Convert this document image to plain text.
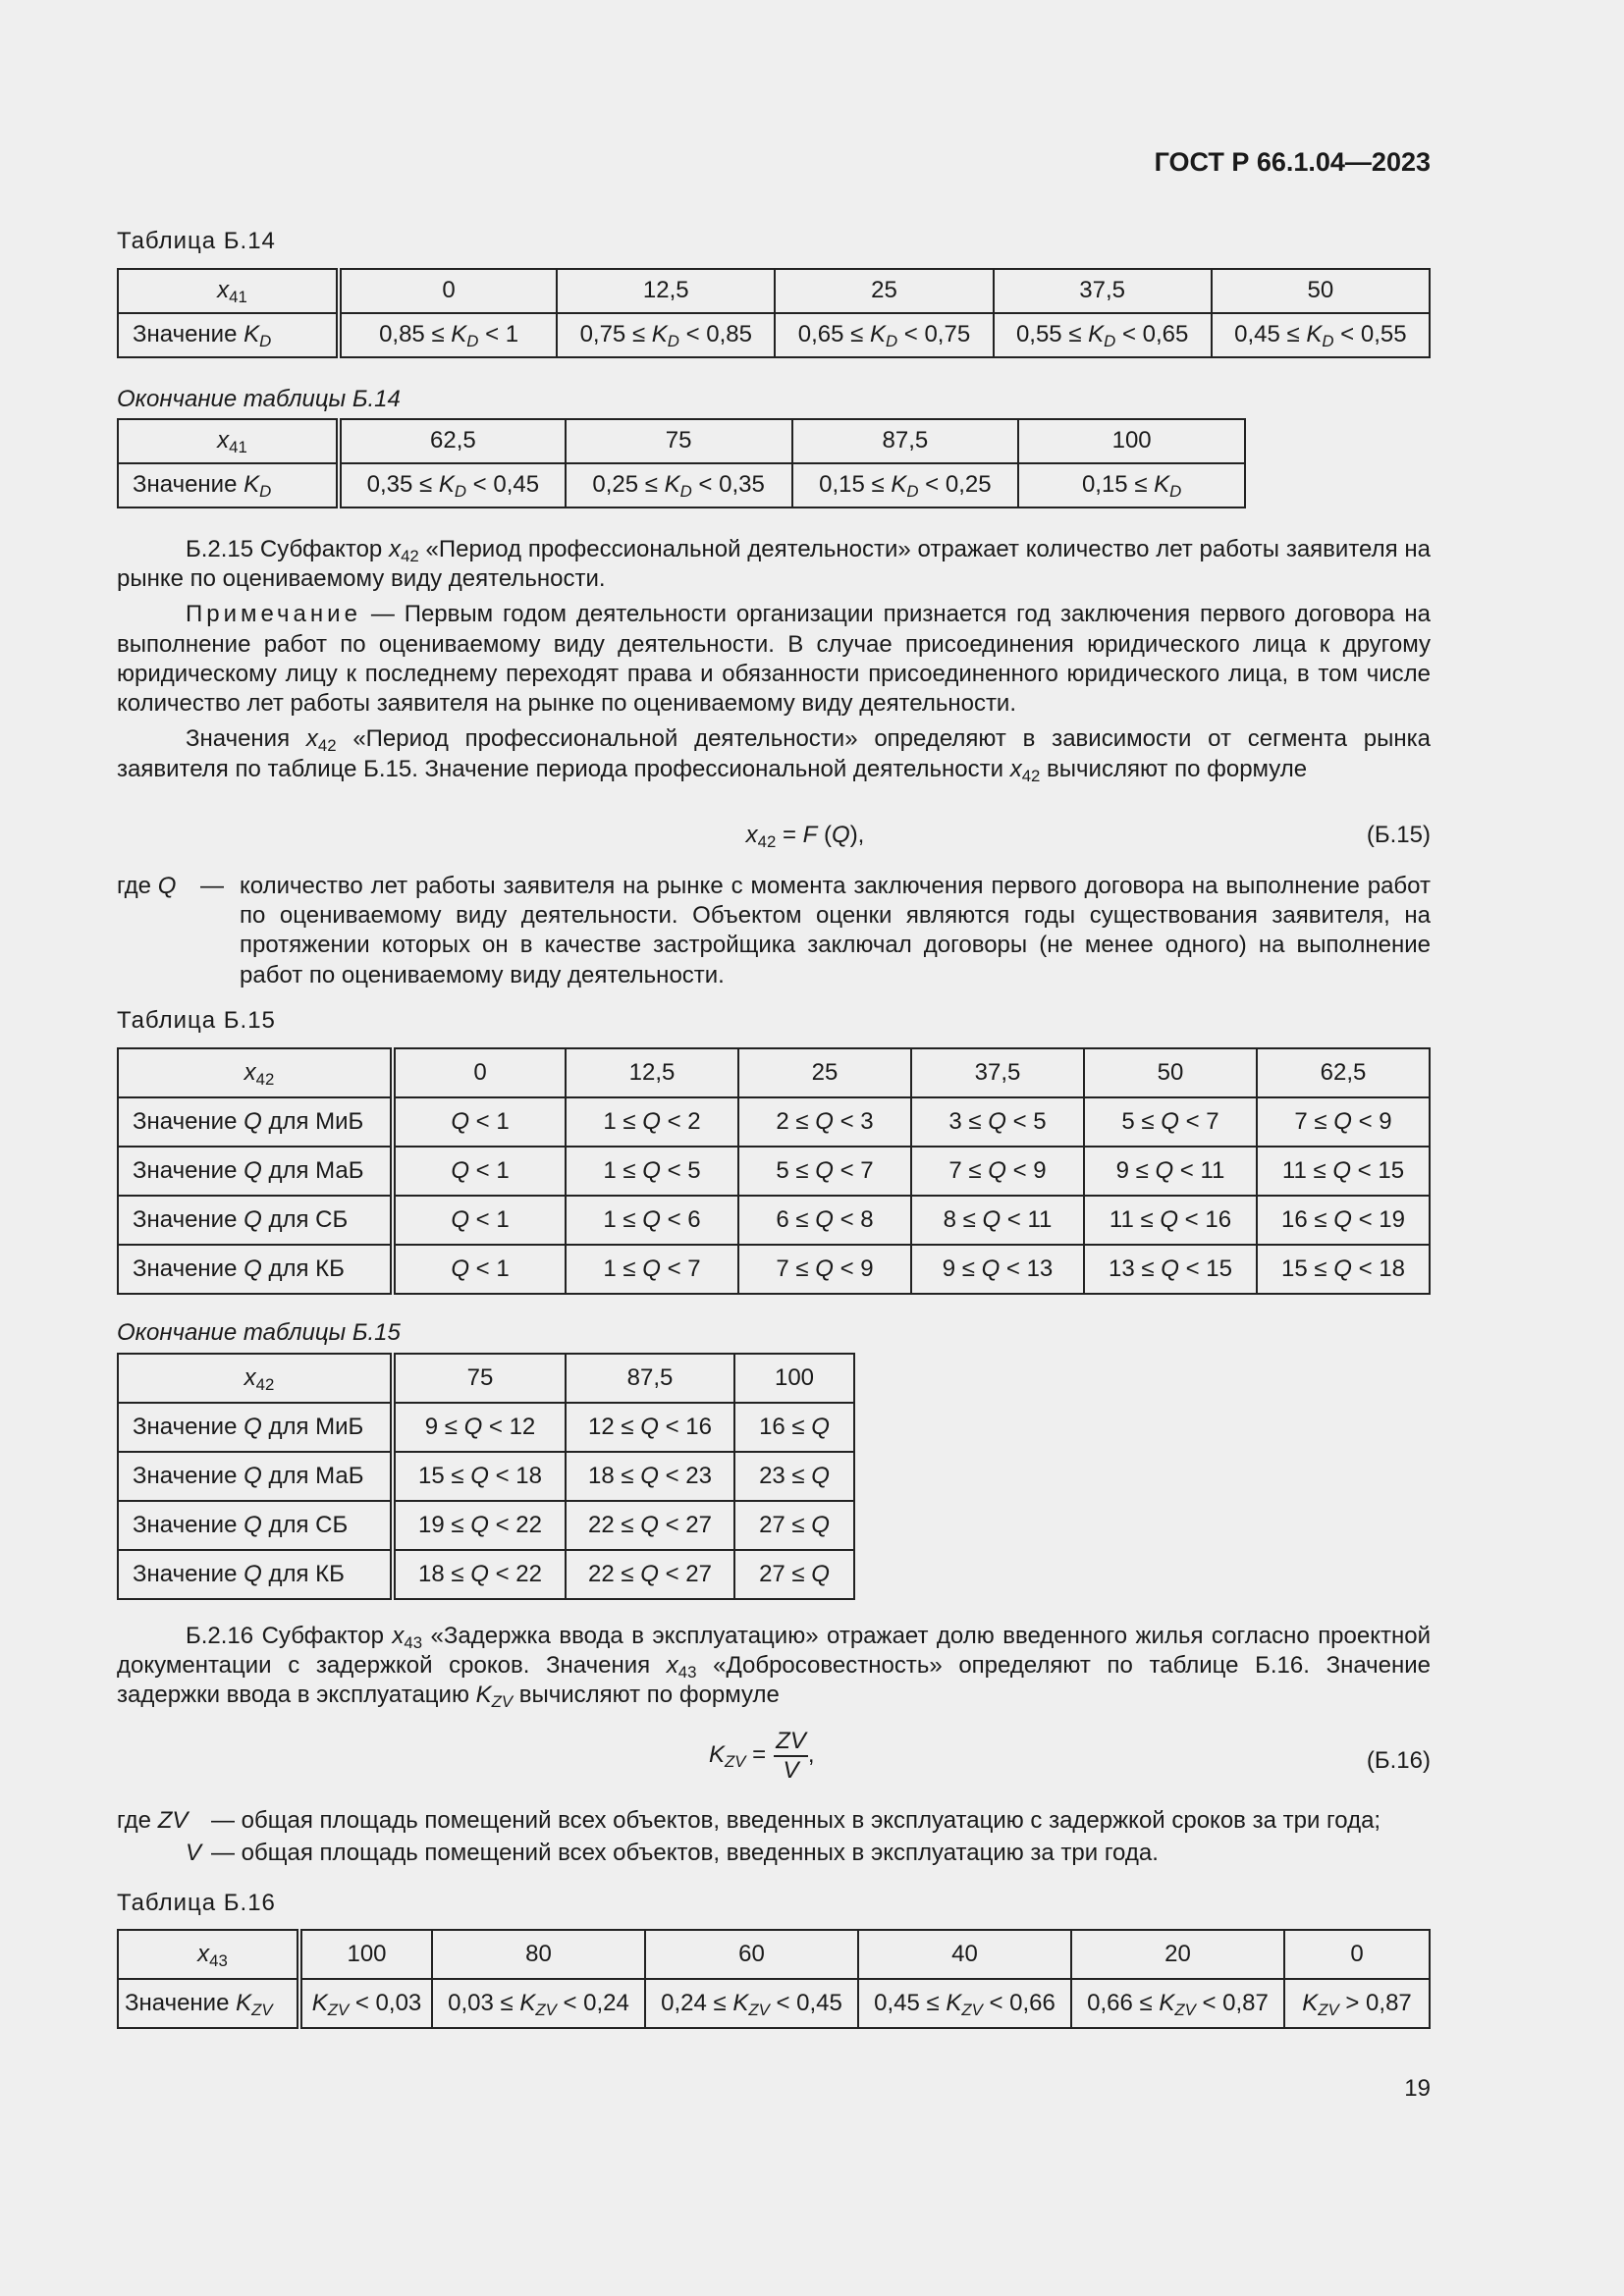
ГОСТ Р 66.1.04—2023
Таблица Б.14
$x_{41}$	0	12,5	25	37,5	50
Значение $K_D$	$0,85 \le K_D < 1$	$0,75 \le K_D < 0,85$	$0,65 \le K_D < 0,75$	$0,55 \le K_D < 0,65$	$0,45 \le K_D < 0,55$
Окончание таблицы Б.14
$x_{41}$	62,5	75	87,5	100
Значение $K_D$	$0,35 \le K_D < 0,45$	$0,25 \le K_D < 0,35$	$0,15 \le K_D < 0,25$	$0,15 \le K_D$

Б.2.15 Субфактор $x_{42}$ «Период профессиональной деятельности» отражает количество лет работы заявителя на рынке по оцениваемому виду деятельности.

Примечание — Первым годом деятельности организации признается год заключения первого договора на выполнение работ по оцениваемому виду деятельности. В случае присоединения юридического лица к другому юридическому лицу к последнему переходят права и обязанности присоединенного юридического лица, в том числе количество лет работы заявителя на рынке по оцениваемому виду деятельности.

Значения $x_{42}$ «Период профессиональной деятельности» определяют в зависимости от сегмента рынка заявителя по таблице Б.15. Значение периода профессиональной деятельности $x_{42}$ вычисляют по формуле

$x_{42} = F$ (Q),	(Б.15)
где Q	— количество лет работы заявителя на рынке с момента заключения первого договора на выполнение работ по оцениваемому виду деятельности. Объектом оценки являются годы существования заявителя, на протяжении которых он в качестве застройщика заключал договоры (не менее одного) на выполнение работ по оцениваемому виду деятельности.
Таблица Б.15
$x_{42}$	0	12,5	25	37,5	50	62,5
Значение Q для МиБ	Q < 1	1 ≤ Q < 2	2 ≤ Q < 3	3 ≤ Q < 5	5 ≤ Q < 7	7 ≤ Q < 9
Значение Q для МаБ	Q < 1	1 ≤ Q < 5	5 ≤ Q < 7	7 ≤ Q < 9	9 ≤ Q < 11	11 ≤ Q < 15
Значение Q для СБ	Q < 1	1 ≤ Q < 6	6 ≤ Q < 8	8 ≤ Q < 11	11 ≤ Q < 16	16 ≤ Q < 19
Значение Q для КБ	Q < 1	1 ≤ Q < 7	7 ≤ Q < 9	9 ≤ Q < 13	13 ≤ Q < 15	15 ≤ Q < 18
Окончание таблицы Б.15
$x_{42}$	75	87,5	100
Значение Q для МиБ	9 ≤ Q < 12	12 ≤ Q < 16	16 ≤ Q
Значение Q для МаБ	15 ≤ Q < 18	18 ≤ Q < 23	23 ≤ Q
Значение Q для СБ	19 ≤ Q < 22	22 ≤ Q < 27	27 ≤ Q
Значение Q для КБ	18 ≤ Q < 22	22 ≤ Q < 27	27 ≤ Q

Б.2.16 Субфактор $x_{43}$ «Задержка ввода в эксплуатацию» отражает долю введенного жилья согласно проектной документации с задержкой сроков. Значения $x_{43}$ «Добросовестность» определяют по таблице Б.16. Значение задержки ввода в эксплуатацию $K_{ZV}$ вычисляют по формуле

$K_{ZV} = \frac{ZV}{V}$ ,	(Б.16)
где ZV — общая площадь помещений всех объектов, введенных в эксплуатацию с задержкой сроков за три года;
V — общая площадь помещений всех объектов, введенных в эксплуатацию за три года.
Таблица Б.16
$x_{43}$	100	80	60	40	20	0
Значение $K_{ZV}$	$K_{ZV} < 0,03$	$0,03 \le K_{ZV} < 0,24$	$0,24 \le K_{ZV} < 0,45$	$0,45 \le K_{ZV} < 0,66$	$0,66 \le K_{ZV} < 0,87$	$K_{ZV} > 0,87$
19
